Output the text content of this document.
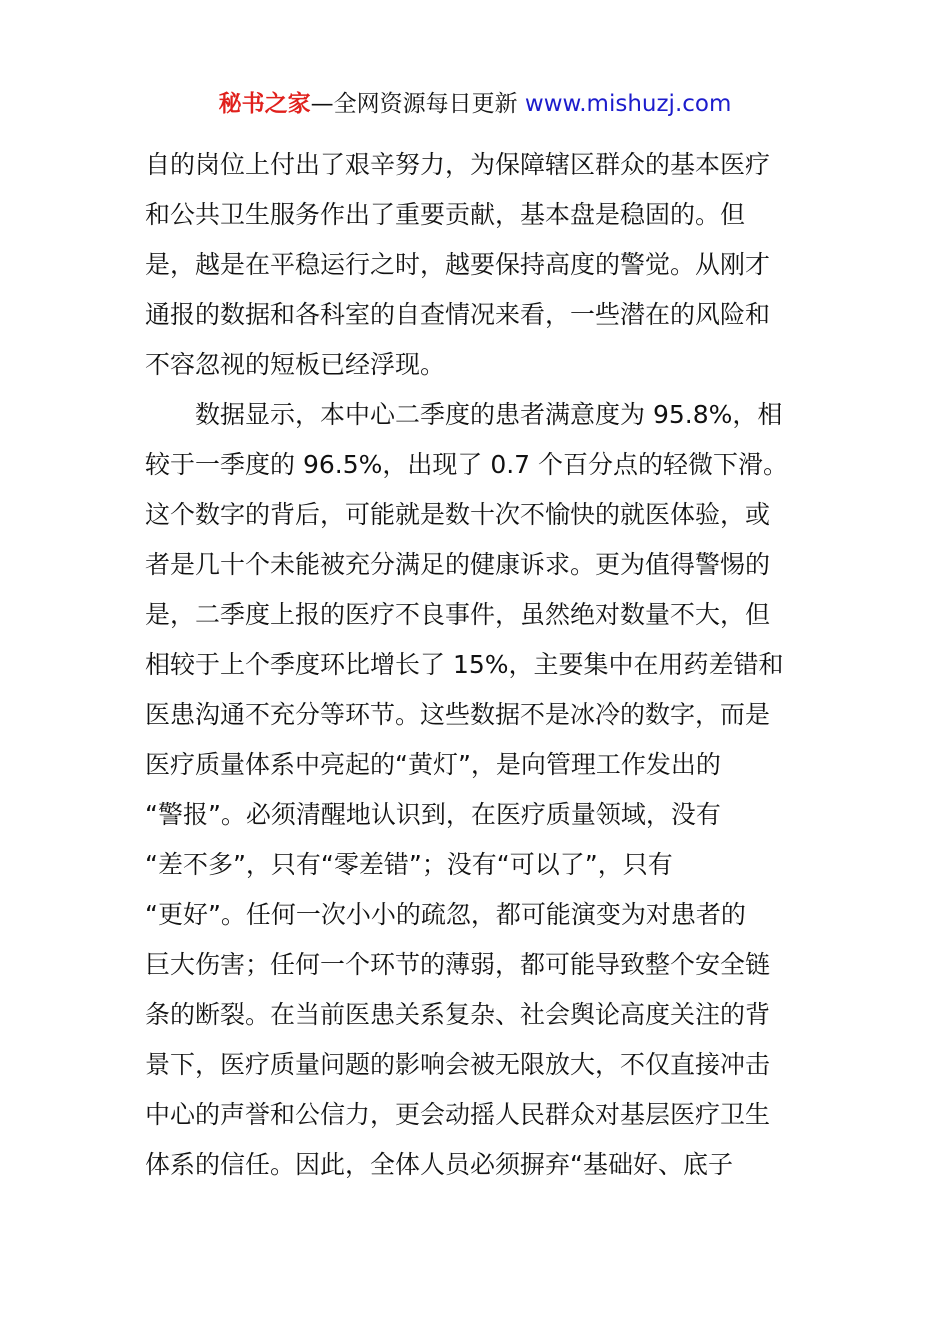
秘书之家—全网资源每日更新 www.mishuzj.com
自的岗位上付出了艰辛努力，为保障辖区群众的基本医疗
和公共卫生服务作出了重要贡献，基本盘是稳固的。但
是，越是在平稳运行之时，越要保持高度的警觉。从刚才
通报的数据和各科室的自查情况来看，一些潜在的风险和
不容忽视的短板已经浮现。
数据显示，本中心二季度的患者满意度为 95.8%，相
较于一季度的 96.5%，出现了 0.7 个百分点的轻微下滑。
这个数字的背后，可能就是数十次不愉快的就医体验，或
者是几十个未能被充分满足的健康诉求。更为值得警惕的
是，二季度上报的医疗不良事件，虽然绝对数量不大，但
相较于上个季度环比增长了 15%，主要集中在用药差错和
医患沟通不充分等环节。这些数据不是冰冷的数字，而是
医疗质量体系中亮起的“黄灯”，是向管理工作发出的
“警报”。必须清醒地认识到，在医疗质量领域，没有
“差不多”，只有“零差错”；没有“可以了”，只有
“更好”。任何一次小小的疏忽，都可能演变为对患者的
巨大伤害；任何一个环节的薄弱，都可能导致整个安全链
条的断裂。在当前医患关系复杂、社会舆论高度关注的背
景下，医疗质量问题的影响会被无限放大，不仅直接冲击
中心的声誉和公信力，更会动摇人民群众对基层医疗卫生
体系的信任。因此，全体人员必须摒弃“基础好、底子
